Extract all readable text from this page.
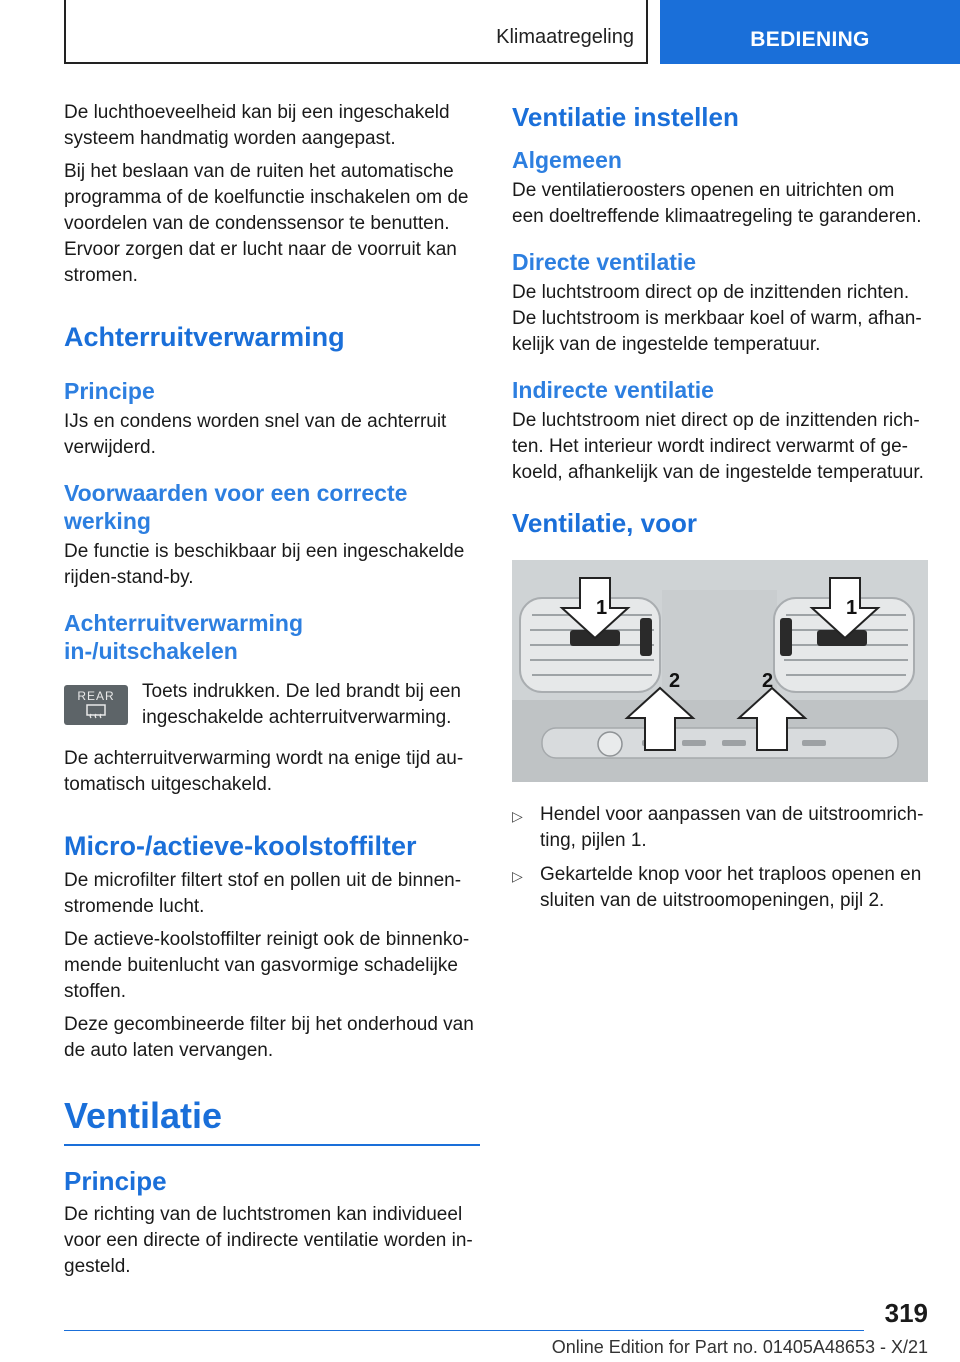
Klimaatregeling	BEDIENING

De luchthoeveelheid kan bij een ingeschakeld systeem handmatig worden aangepast.

Bij het beslaan van de ruiten het automatische programma of de koelfunctie inschakelen om de voordelen van de condenssensor te benutten. Ervoor zorgen dat er lucht naar de voorruit kan stromen.

Achterruitverwarming
Principe

IJs en condens worden snel van de achterruit verwijderd.

Voorwaarden voor een correcte werking

De functie is beschikbaar bij een ingeschakelde rijden-stand-by.

Achterruitverwarming in-/uitschakelen
REAR	Toets indrukken. De led brandt bij een ingeschakelde achterruitverwarming.

De achterruitverwarming wordt na enige tijd automatisch uitgeschakeld.

Micro-/actieve-koolstoffilter

De microfilter filtert stof en pollen uit de binnenstromende lucht.

De actieve-koolstoffilter reinigt ook de binnenkomende buitenlucht van gasvormige schadelijke stoffen.

Deze gecombineerde filter bij het onderhoud van de auto laten vervangen.

Ventilatie
Principe

De richting van de luchtstromen kan individueel voor een directe of indirecte ventilatie worden ingesteld.

Ventilatie instellen
Algemeen

De ventilatieroosters openen en uitrichten om een doeltreffende klimaatregeling te garanderen.

Directe ventilatie

De luchtstroom direct op de inzittenden richten. De luchtstroom is merkbaar koel of warm, afhankelijk van de ingestelde temperatuur.

Indirecte ventilatie

De luchtstroom niet direct op de inzittenden richten. Het interieur wordt indirect verwarmt of gekoeld, afhankelijk van de ingestelde temperatuur.

Ventilatie, voor
1	1
2	2
▷ Hendel voor aanpassen van de uitstroomrichting, pijlen 1.
▷ Gekartelde knop voor het traploos openen en sluiten van de uitstroomopeningen, pijl 2.
319
Online Edition for Part no. 01405A48653 - X/21
